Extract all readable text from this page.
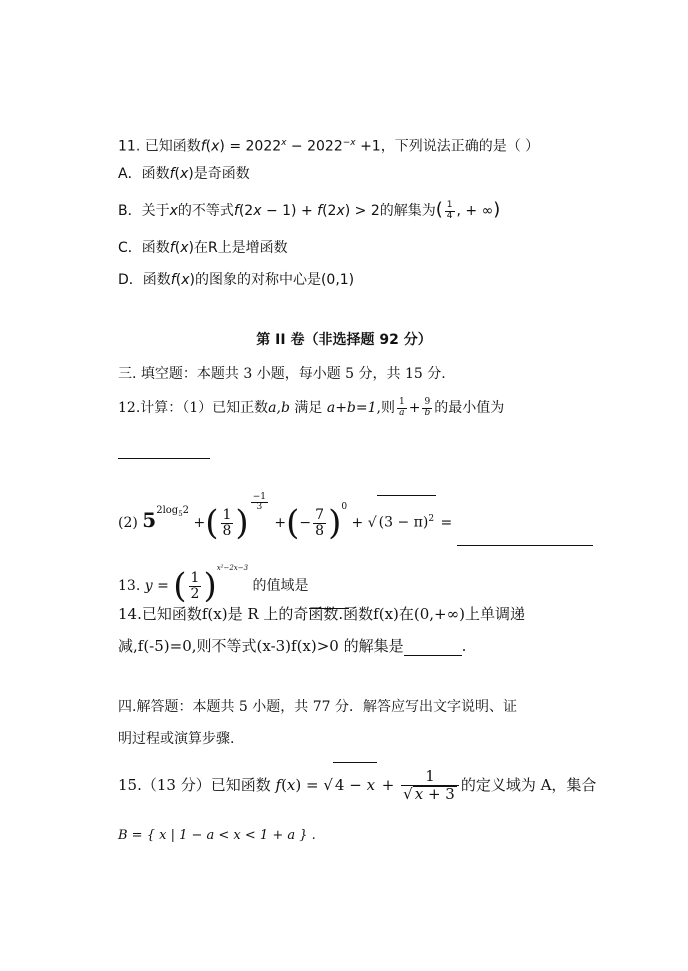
11. 已知函数$f(x) = 2022^x - 2022^{-x} +1$，下列说法正确的是（ ）
A．函数f(x)是奇函数
B．关于x的不等式f(2x − 1) + f(2x) > 2的解集为( $\frac{1}{4}$ , + ∞)
C．函数f(x)在R上是增函数
D．函数f(x)的图象的对称中心是(0,1)
第 II 卷（非选择题 92 分）
三. 填空题：本题共 3 小题，每小题 5 分，共 15 分.
12.计算：（1）已知正数a,b 满足 a+b=1,则 $\frac{1}{a} + \frac{9}{b}$ 的最小值为
(2) $5^{2log_52}$ +( $\frac{1}{8}$ )
$^{\frac{-1}{3}}$
+(− $\frac{7}{8} )^0$ + √ $(3 - \pi)^2$ =
13. y = ( $\frac{1}{2} )^{x^2-2x-3}$ 的值域是
14.已知函数f(x)是 R 上的奇函数.函数f(x)在(0,+∞)上单调递
减,f(-5)=0,则不等式(x-3)f(x)>0 的解集是	.
四.解答题：本题共 5 小题，共 77 分．解答应写出文字说明、证
明过程或演算步骤.
15.（13 分）已知函数 f(x) = √ $4 - x + \frac{1}{√ x + 3}$ 的定义域为 A，集合
B = { x | 1 − a < x < 1 + a } .
